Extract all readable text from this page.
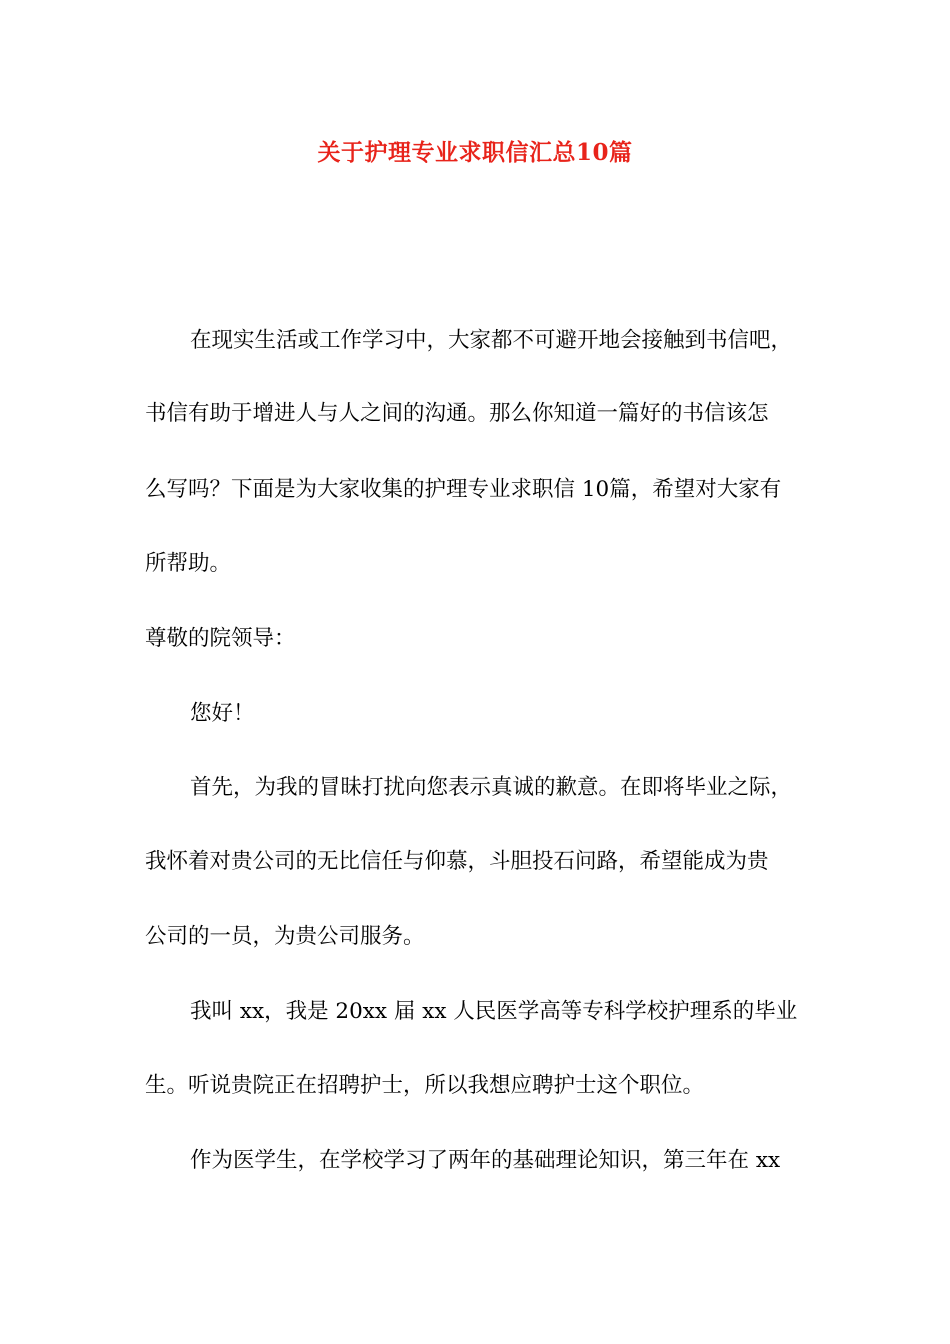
关于护理专业求职信汇总10篇
在现实生活或工作学习中，大家都不可避开地会接触到书信吧，
书信有助于增进人与人之间的沟通。那么你知道一篇好的书信该怎
么写吗？下面是为大家收集的护理专业求职信 10篇，希望对大家有
所帮助。
尊敬的院领导：
您好！
首先，为我的冒昧打扰向您表示真诚的歉意。在即将毕业之际，
我怀着对贵公司的无比信任与仰慕，斗胆投石问路，希望能成为贵
公司的一员，为贵公司服务。
我叫 xx，我是 20xx 届 xx 人民医学高等专科学校护理系的毕业
生。听说贵院正在招聘护士，所以我想应聘护士这个职位。
作为医学生，在学校学习了两年的基础理论知识，第三年在 xx
